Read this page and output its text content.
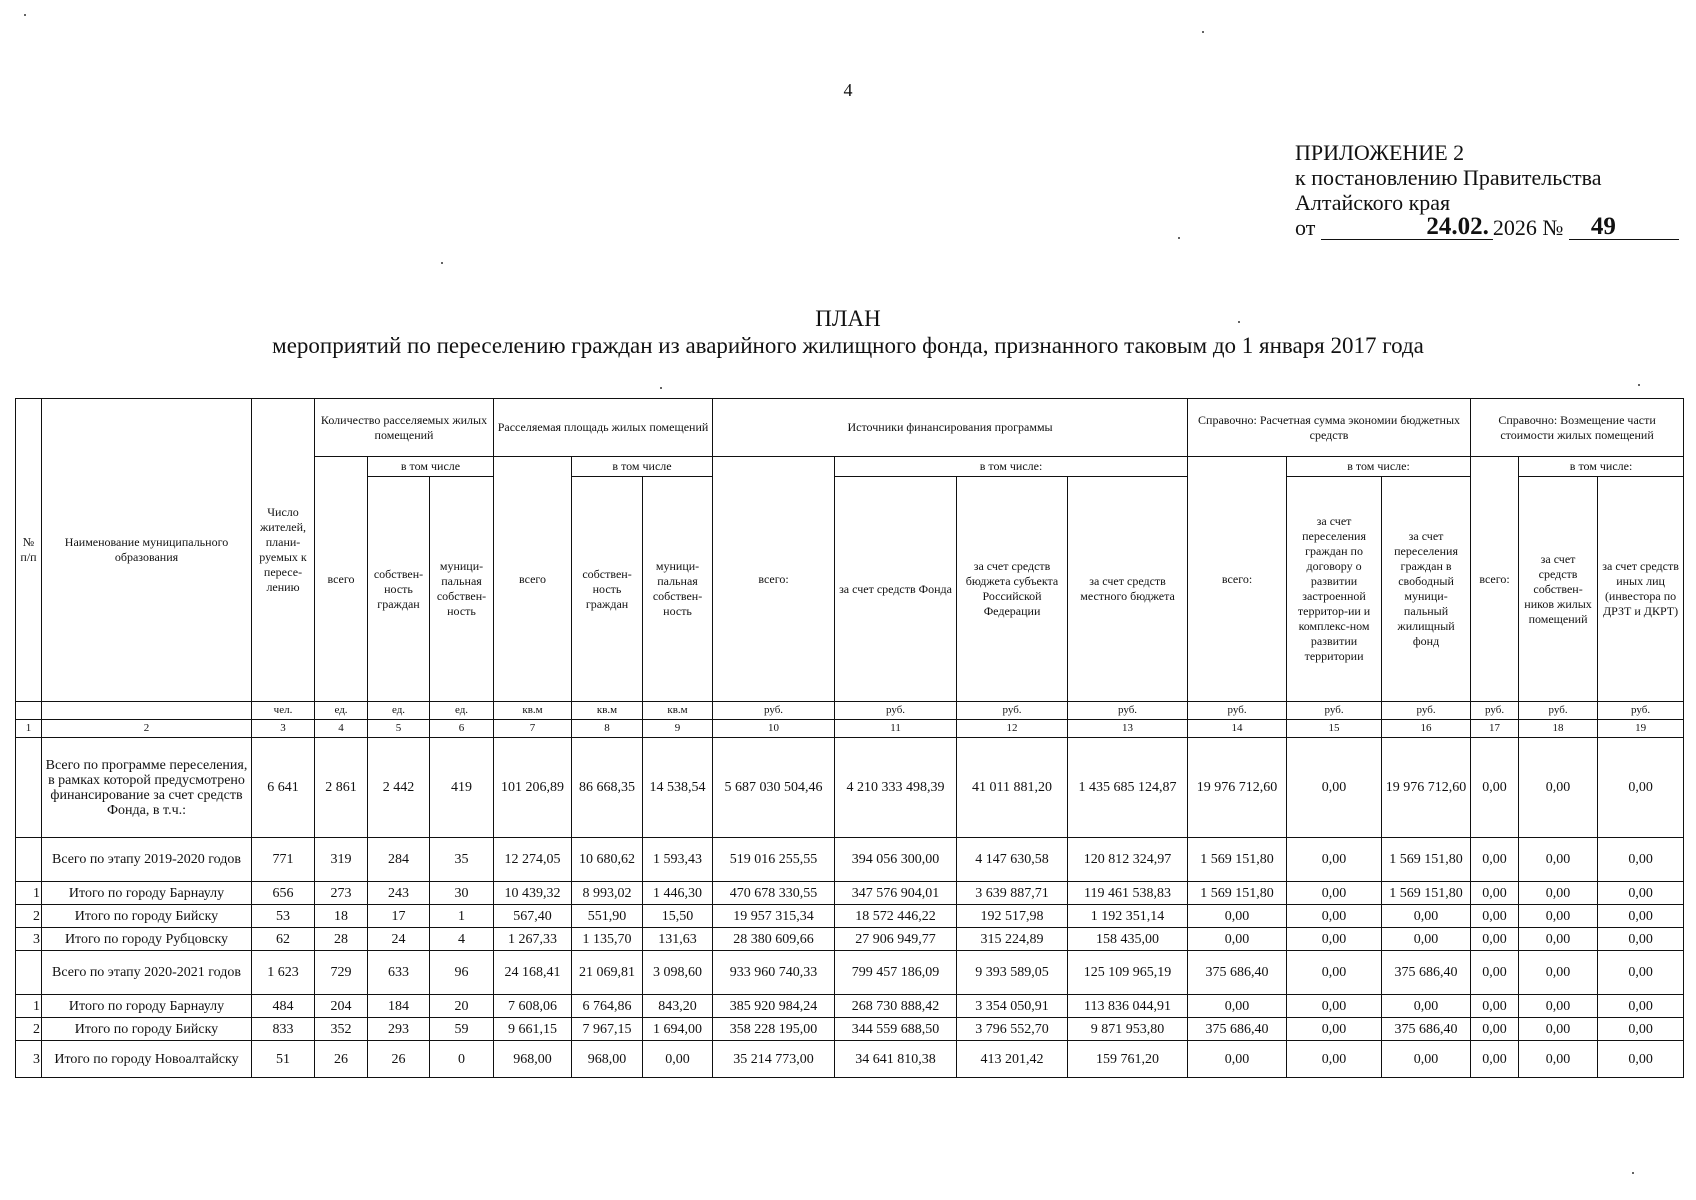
4
ПРИЛОЖЕНИЕ 2
к постановлению Правительства
Алтайского края
от	24.02. 2026 № 49
ПЛАН
мероприятий по переселению граждан из аварийного жилищного фонда, признанного таковым до 1 января 2017 года
№ п/п	Наименование муниципального образования	Число жителей, плани-руемых к пересе-лению	Количество расселяемых жилых помещений			Расселяемая площадь жилых помещений			Источники финансирования программы				Справочно: Расчетная сумма экономии бюджетных средств			Справочно: Возмещение части стоимости жилых помещений		
			всего	в том числе		всего	в том числе		всего:	в том числе:			всего:	в том числе:		всего:	в том числе:	
				собствен-ность граждан	муници-пальная собствен-ность		собствен-ность граждан	муници-пальная собствен-ность		за счет средств Фонда	за счет средств бюджета субъекта Российской Федерации	за счет средств местного бюджета		за счет переселения граждан по договору о развитии застроенной территор-ии и комплекс-ном развитии территории	за счет переселения граждан в свободный муници-пальный жилищный фонд		за счет средств собствен-ников жилых помещений	за счет средств иных лиц (инвестора по ДРЗТ и ДКРТ)
		чел.	ед.	ед.	ед.	кв.м	кв.м	кв.м	руб.	руб.	руб.	руб.	руб.	руб.	руб.	руб.	руб.	руб.
1	2	3	4	5	6	7	8	9	10	11	12	13	14	15	16	17	18	19
	Всего по программе переселения, в рамках которой предусмотрено финансирование за счет средств Фонда, в т.ч.:	6 641	2 861	2 442	419	101 206,89	86 668,35	14 538,54	5 687 030 504,46	4 210 333 498,39	41 011 881,20	1 435 685 124,87	19 976 712,60	0,00	19 976 712,60	0,00	0,00	0,00
	Всего по этапу 2019-2020 годов	771	319	284	35	12 274,05	10 680,62	1 593,43	519 016 255,55	394 056 300,00	4 147 630,58	120 812 324,97	1 569 151,80	0,00	1 569 151,80	0,00	0,00	0,00
1	Итого по городу Барнаулу	656	273	243	30	10 439,32	8 993,02	1 446,30	470 678 330,55	347 576 904,01	3 639 887,71	119 461 538,83	1 569 151,80	0,00	1 569 151,80	0,00	0,00	0,00
2	Итого по городу Бийску	53	18	17	1	567,40	551,90	15,50	19 957 315,34	18 572 446,22	192 517,98	1 192 351,14	0,00	0,00	0,00	0,00	0,00	0,00
3	Итого по городу Рубцовску	62	28	24	4	1 267,33	1 135,70	131,63	28 380 609,66	27 906 949,77	315 224,89	158 435,00	0,00	0,00	0,00	0,00	0,00	0,00
	Всего по этапу 2020-2021 годов	1 623	729	633	96	24 168,41	21 069,81	3 098,60	933 960 740,33	799 457 186,09	9 393 589,05	125 109 965,19	375 686,40	0,00	375 686,40	0,00	0,00	0,00
1	Итого по городу Барнаулу	484	204	184	20	7 608,06	6 764,86	843,20	385 920 984,24	268 730 888,42	3 354 050,91	113 836 044,91	0,00	0,00	0,00	0,00	0,00	0,00
2	Итого по городу Бийску	833	352	293	59	9 661,15	7 967,15	1 694,00	358 228 195,00	344 559 688,50	3 796 552,70	9 871 953,80	375 686,40	0,00	375 686,40	0,00	0,00	0,00
3	Итого по городу Новоалтайску	51	26	26	0	968,00	968,00	0,00	35 214 773,00	34 641 810,38	413 201,42	159 761,20	0,00	0,00	0,00	0,00	0,00	0,00
